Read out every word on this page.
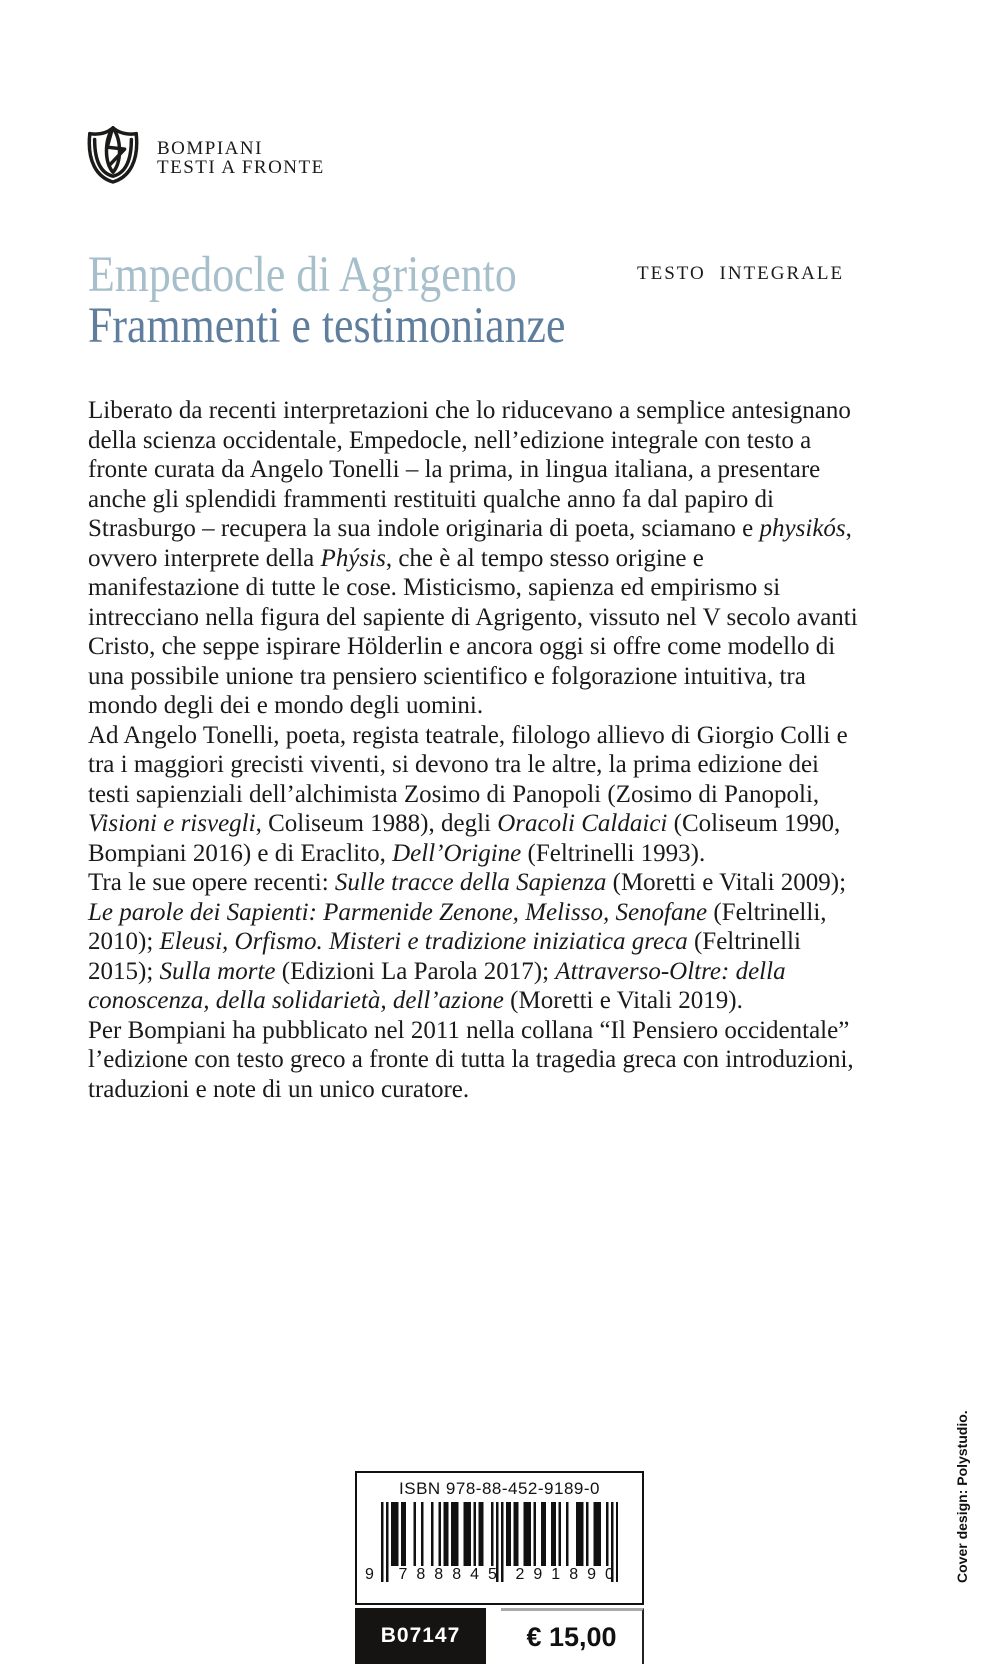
BOMPIANI
TESTI A FRONTE
TESTO INTEGRALE
Empedocle di Agrigento
Frammenti e testimonianze

Liberato da recenti interpretazioni che lo riducevano a semplice antesignano della scienza occidentale, Empedocle, nell’edizione integrale con testo a fronte curata da Angelo Tonelli – la prima, in lingua italiana, a presentare anche gli splendidi frammenti restituiti qualche anno fa dal papiro di Strasburgo – recupera la sua indole originaria di poeta, sciamano e physikós, ovvero interprete della Phýsis, che è al tempo stesso origine e manifestazione di tutte le cose. Misticismo, sapienza ed empirismo si intrecciano nella figura del sapiente di Agrigento, vissuto nel V secolo avanti Cristo, che seppe ispirare Hölderlin e ancora oggi si offre come modello di una possibile unione tra pensiero scientifico e folgorazione intuitiva, tra mondo degli dei e mondo degli uomini.

Ad Angelo Tonelli, poeta, regista teatrale, filologo allievo di Giorgio Colli e tra i maggiori grecisti viventi, si devono tra le altre, la prima edizione dei testi sapienziali dell’alchimista Zosimo di Panopoli (Zosimo di Panopoli, Visioni e risvegli, Coliseum 1988), degli Oracoli Caldaici (Coliseum 1990, Bompiani 2016) e di Eraclito, Dell’Origine (Feltrinelli 1993).

Tra le sue opere recenti: Sulle tracce della Sapienza (Moretti e Vitali 2009); Le parole dei Sapienti: Parmenide Zenone, Melisso, Senofane (Feltrinelli, 2010); Eleusi, Orfismo. Misteri e tradizione iniziatica greca (Feltrinelli 2015); Sulla morte (Edizioni La Parola 2017); Attraverso-Oltre: della conoscenza, della solidarietà, dell’azione (Moretti e Vitali 2019).

Per Bompiani ha pubblicato nel 2011 nella collana “Il Pensiero occidentale” l’edizione con testo greco a fronte di tutta la tragedia greca con introduzioni, traduzioni e note di un unico curatore.

Cover design: Polystudio.
ISBN 978-88-452-9189-0
9	788845 291890
B07147	€ 15,00
